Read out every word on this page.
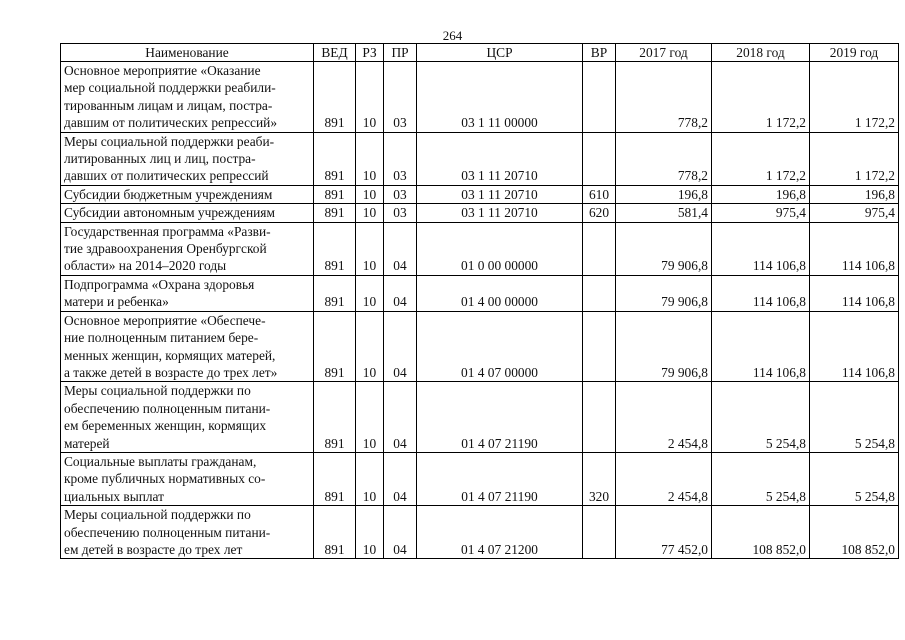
264
Наименование	ВЕД	РЗ	ПР	ЦСР	ВР	2017 год	2018 год	2019 год

Основное мероприятие «Оказание
мер социальной поддержки реабили-
тированным лицам и лицам, постра-
давшим от политических репрессий»	891	10	03	03 1 11 00000		778,2	1 172,2	1 172,2

Меры социальной поддержки реаби-
литированных лиц и лиц, постра-
давших от политических репрессий	891	10	03	03 1 11 20710		778,2	1 172,2	1 172,2

Субсидии бюджетным учреждениям	891	10	03	03 1 11 20710	610	196,8	196,8	196,8

Субсидии автономным учреждениям	891	10	03	03 1 11 20710	620	581,4	975,4	975,4

Государственная программа «Разви-
тие здравоохранения Оренбургской
области» на 2014–2020 годы	891	10	04	01 0 00 00000		79 906,8	114 106,8	114 106,8

Подпрограмма «Охрана здоровья
матери и ребенка»	891	10	04	01 4 00 00000		79 906,8	114 106,8	114 106,8

Основное мероприятие «Обеспече-
ние полноценным питанием бере-
менных женщин, кормящих матерей,
а также детей в возрасте до трех лет»	891	10	04	01 4 07 00000		79 906,8	114 106,8	114 106,8

Меры социальной поддержки по
обеспечению полноценным питани-
ем беременных женщин, кормящих
матерей	891	10	04	01 4 07 21190		2 454,8	5 254,8	5 254,8

Социальные выплаты гражданам,
кроме публичных нормативных со-
циальных выплат	891	10	04	01 4 07 21190	320	2 454,8	5 254,8	5 254,8

Меры социальной поддержки по
обеспечению полноценным питани-
ем детей в возрасте до трех лет	891	10	04	01 4 07 21200		77 452,0	108 852,0	108 852,0
